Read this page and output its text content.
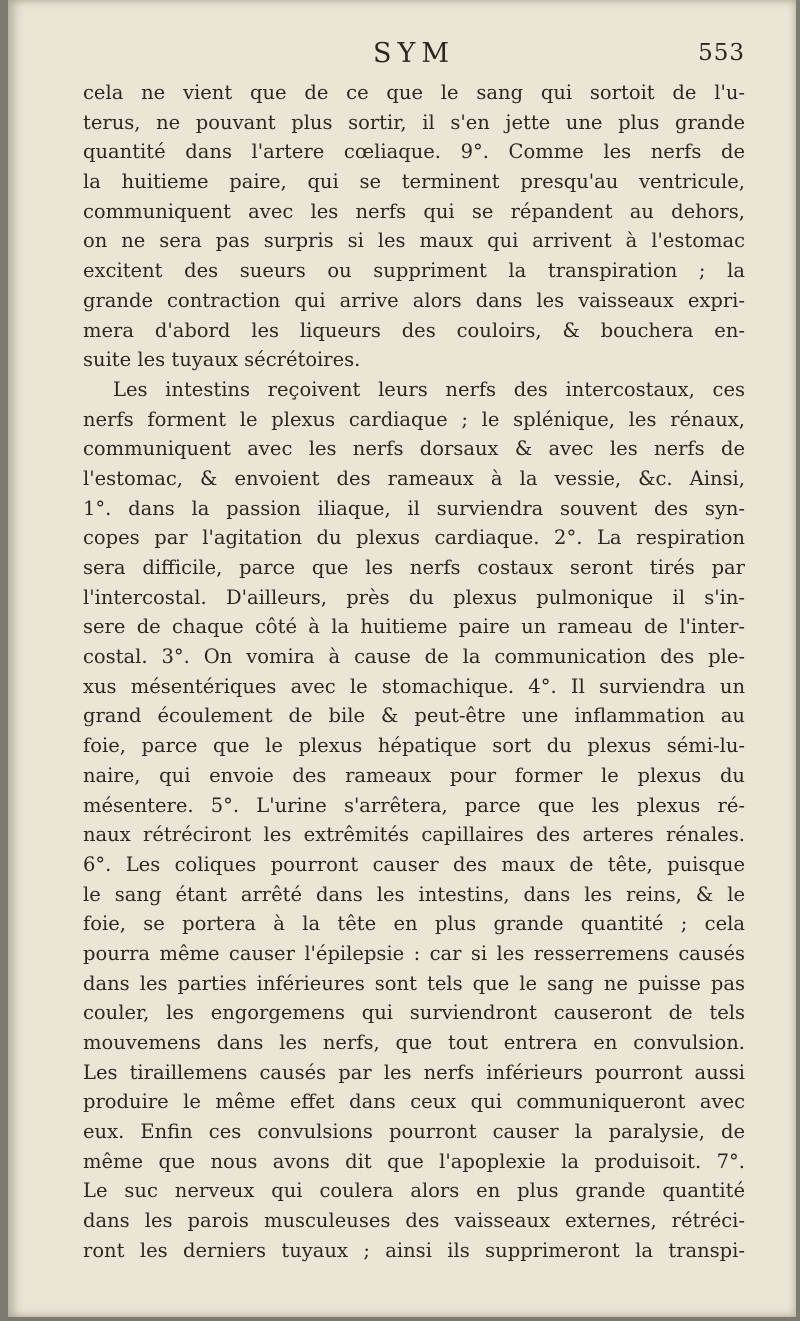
SYM	553
cela ne vient que de ce que le sang qui sortoit de l'u-
terus, ne pouvant plus sortir, il s'en jette une plus grande
quantité dans l'artere cœliaque. 9°. Comme les nerfs de
la huitieme paire, qui se terminent presqu'au ventricule,
communiquent avec les nerfs qui se répandent au dehors,
on ne sera pas surpris si les maux qui arrivent à l'estomac
excitent des sueurs ou suppriment la transpiration ; la
grande contraction qui arrive alors dans les vaisseaux expri-
mera d'abord les liqueurs des couloirs, & bouchera en-
suite les tuyaux sécrétoires.
Les intestins reçoivent leurs nerfs des intercostaux, ces
nerfs forment le plexus cardiaque ; le splénique, les rénaux,
communiquent avec les nerfs dorsaux & avec les nerfs de
l'estomac, & envoient des rameaux à la vessie, &c. Ainsi,
1°. dans la passion iliaque, il surviendra souvent des syn-
copes par l'agitation du plexus cardiaque. 2°. La respiration
sera difficile, parce que les nerfs costaux seront tirés par
l'intercostal. D'ailleurs, près du plexus pulmonique il s'in-
sere de chaque côté à la huitieme paire un rameau de l'inter-
costal. 3°. On vomira à cause de la communication des ple-
xus mésentériques avec le stomachique. 4°. Il surviendra un
grand écoulement de bile & peut-être une inflammation au
foie, parce que le plexus hépatique sort du plexus sémi-lu-
naire, qui envoie des rameaux pour former le plexus du
mésentere. 5°. L'urine s'arrêtera, parce que les plexus ré-
naux rétréciront les extrêmités capillaires des arteres rénales.
6°. Les coliques pourront causer des maux de tête, puisque
le sang étant arrêté dans les intestins, dans les reins, & le
foie, se portera à la tête en plus grande quantité ; cela
pourra même causer l'épilepsie : car si les resserremens causés
dans les parties inférieures sont tels que le sang ne puisse pas
couler, les engorgemens qui surviendront causeront de tels
mouvemens dans les nerfs, que tout entrera en convulsion.
Les tiraillemens causés par les nerfs inférieurs pourront aussi
produire le même effet dans ceux qui communiqueront avec
eux. Enfin ces convulsions pourront causer la paralysie, de
même que nous avons dit que l'apoplexie la produisoit. 7°.
Le suc nerveux qui coulera alors en plus grande quantité
dans les parois musculeuses des vaisseaux externes, rétréci-
ront les derniers tuyaux ; ainsi ils supprimeront la transpi-
